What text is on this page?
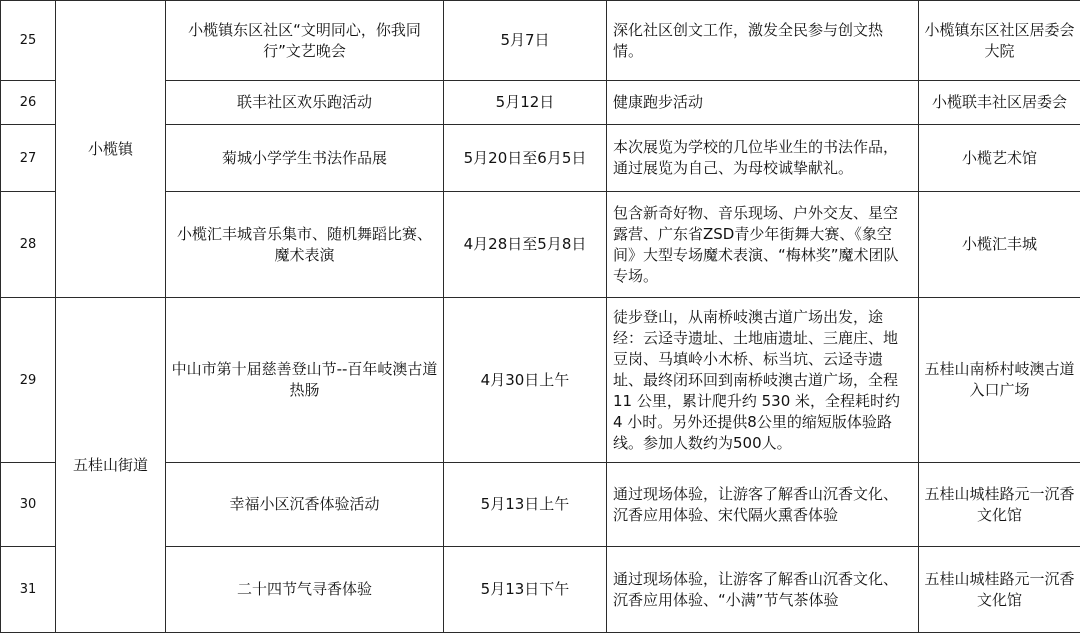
25	小榄镇	小榄镇东区社区“文明同心，你我同行”文艺晚会	5月7日	深化社区创文工作，激发全民参与创文热情。	小榄镇东区社区居委会大院
26		联丰社区欢乐跑活动	5月12日	健康跑步活动	小榄联丰社区居委会
27		菊城小学学生书法作品展	5月20日至6月5日	本次展览为学校的几位毕业生的书法作品，通过展览为自己、为母校诚挚献礼。	小榄艺术馆
28		小榄汇丰城音乐集市、随机舞蹈比赛、魔术表演	4月28日至5月8日	包含新奇好物、音乐现场、户外交友、星空露营、广东省ZSD青少年街舞大赛、《象空间》大型专场魔术表演、“梅林奖”魔术团队专场。	小榄汇丰城
29	五桂山街道	中山市第十届慈善登山节--百年岐澳古道热肠	4月30日上午	徒步登山，从南桥岐澳古道广场出发，途经：云迳寺遗址、土地庙遗址、三鹿庄、地豆岗、马填岭小木桥、标当坑、云迳寺遗址、最终闭环回到南桥岐澳古道广场，全程 11 公里，累计爬升约 530 米，全程耗时约 4 小时。另外还提供8公里的缩短版体验路线。参加人数约为500人。	五桂山南桥村岐澳古道入口广场
30		幸福小区沉香体验活动	5月13日上午	通过现场体验，让游客了解香山沉香文化、沉香应用体验、宋代隔火熏香体验	五桂山城桂路元一沉香文化馆
31		二十四节气寻香体验	5月13日下午	通过现场体验，让游客了解香山沉香文化、沉香应用体验、“小满”节气茶体验	五桂山城桂路元一沉香文化馆
